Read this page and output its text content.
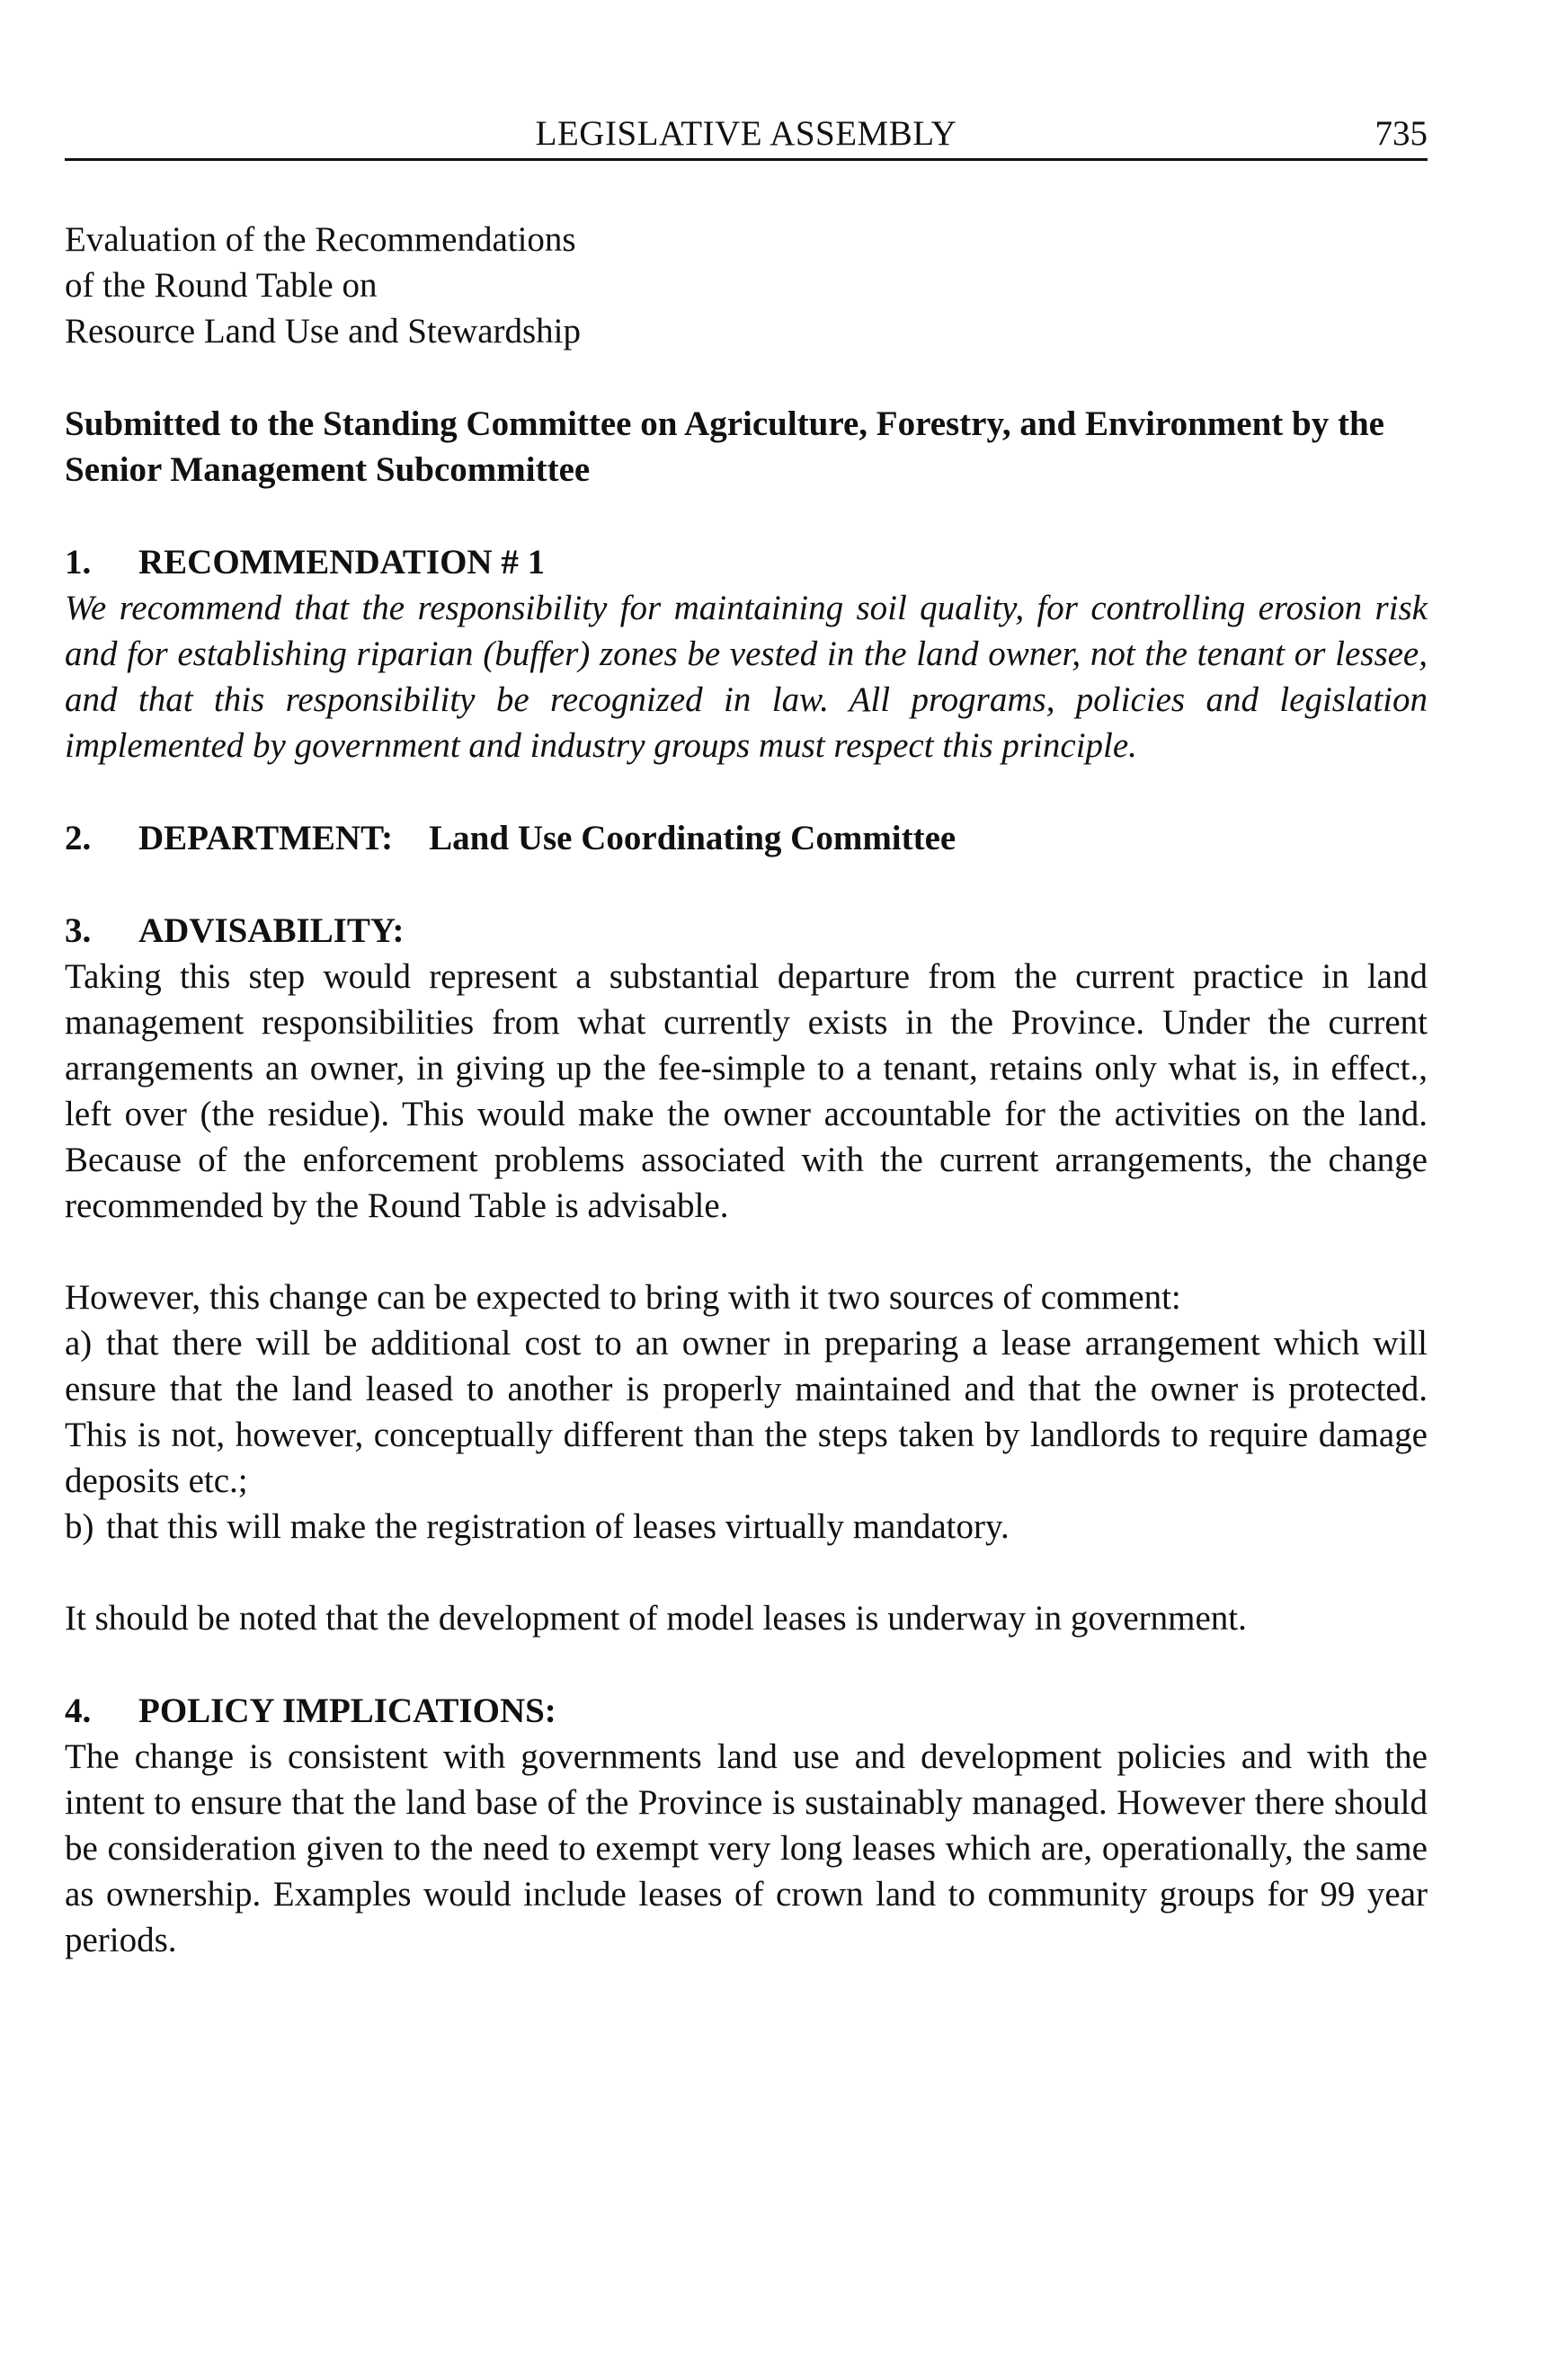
LEGISLATIVE ASSEMBLY	735
Evaluation of the Recommendations
of the Round Table on
Resource Land Use and Stewardship
Submitted to the Standing Committee on Agriculture, Forestry, and Environment by the Senior Management Subcommittee
1. RECOMMENDATION # 1
We recommend that the responsibility for maintaining soil quality, for controlling erosion risk and for establishing riparian (buffer) zones be vested in the land owner, not the tenant or lessee, and that this responsibility be recognized in law. All programs, policies and legislation implemented by government and industry groups must respect this principle.
2. DEPARTMENT: Land Use Coordinating Committee
3. ADVISABILITY:
Taking this step would represent a substantial departure from the current practice in land management responsibilities from what currently exists in the Province. Under the current arrangements an owner, in giving up the fee-simple to a tenant, retains only what is, in effect., left over (the residue). This would make the owner accountable for the activities on the land. Because of the enforcement problems associated with the current arrangements, the change recommended by the Round Table is advisable.
However, this change can be expected to bring with it two sources of comment:
a) that there will be additional cost to an owner in preparing a lease arrangement which will ensure that the land leased to another is properly maintained and that the owner is protected. This is not, however, conceptually different than the steps taken by landlords to require damage deposits etc.;
b) that this will make the registration of leases virtually mandatory.
It should be noted that the development of model leases is underway in government.
4. POLICY IMPLICATIONS:
The change is consistent with governments land use and development policies and with the intent to ensure that the land base of the Province is sustainably managed. However there should be consideration given to the need to exempt very long leases which are, operationally, the same as ownership. Examples would include leases of crown land to community groups for 99 year periods.
